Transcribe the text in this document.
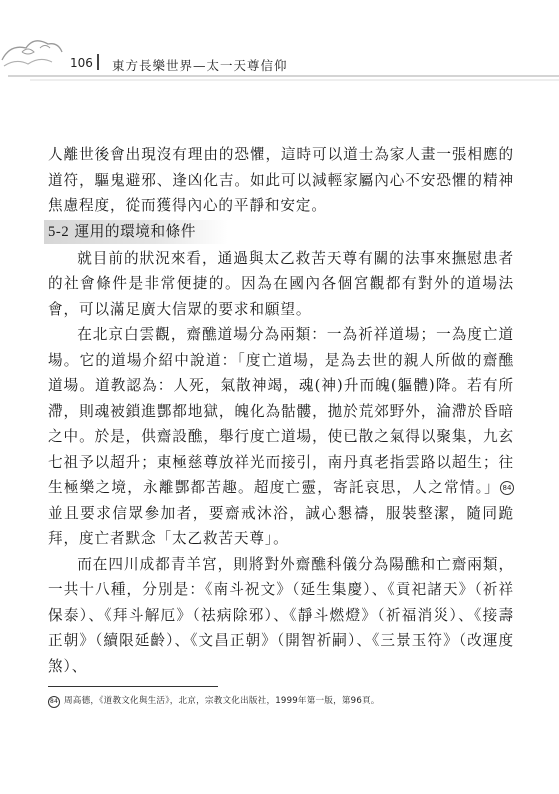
106 東方長樂世界—太一天尊信仰

人離世後會出現沒有理由的恐懼，這時可以道士為家人畫一張相應的道符，驅鬼避邪、逢凶化吉。如此可以減輕家屬內心不安恐懼的精神焦慮程度，從而獲得內心的平靜和安定。

5-2 運用的環境和條件

就目前的狀況來看，通過與太乙救苦天尊有關的法事來撫慰患者的社會條件是非常便捷的。因為在國內各個宮觀都有對外的道場法會，可以滿足廣大信眾的要求和願望。

在北京白雲觀，齋醮道場分為兩類：一為祈祥道場；一為度亡道場。它的道場介紹中說道：「度亡道場，是為去世的親人所做的齋醮道場。道教認為：人死，氣散神竭，魂(神)升而魄(軀體)降。若有所滯，則魂被鎖進酆都地獄，魄化為骷髏，拋於荒郊野外，淪滯於昏暗之中。於是，供齋設醮，舉行度亡道場，使已散之氣得以聚集，九玄七祖予以超升；東極慈尊放祥光而接引，南丹真老指雲路以超生；往生極樂之境，永離酆都苦趣。超度亡靈，寄託哀思，人之常情。」 84並且要求信眾參加者，要齋戒沐浴，誠心懇禱，服裝整潔，隨同跪拜，度亡者默念「太乙救苦天尊」。

而在四川成都青羊宮，則將對外齋醮科儀分為陽醮和亡齋兩類，一共十八種，分別是：《南斗祝文》（延生集慶）、《貢祀諸天》（祈祥保泰）、《拜斗解厄》（祛病除邪）、《靜斗燃燈》（祈福消災）、《接壽正朝》（續限延齡）、《文昌正朝》（開智祈嗣）、《三景玉符》（改運度煞）、

84 周高德，《道教文化與生活》，北京，宗教文化出版社，1999年第一版，第96頁。
